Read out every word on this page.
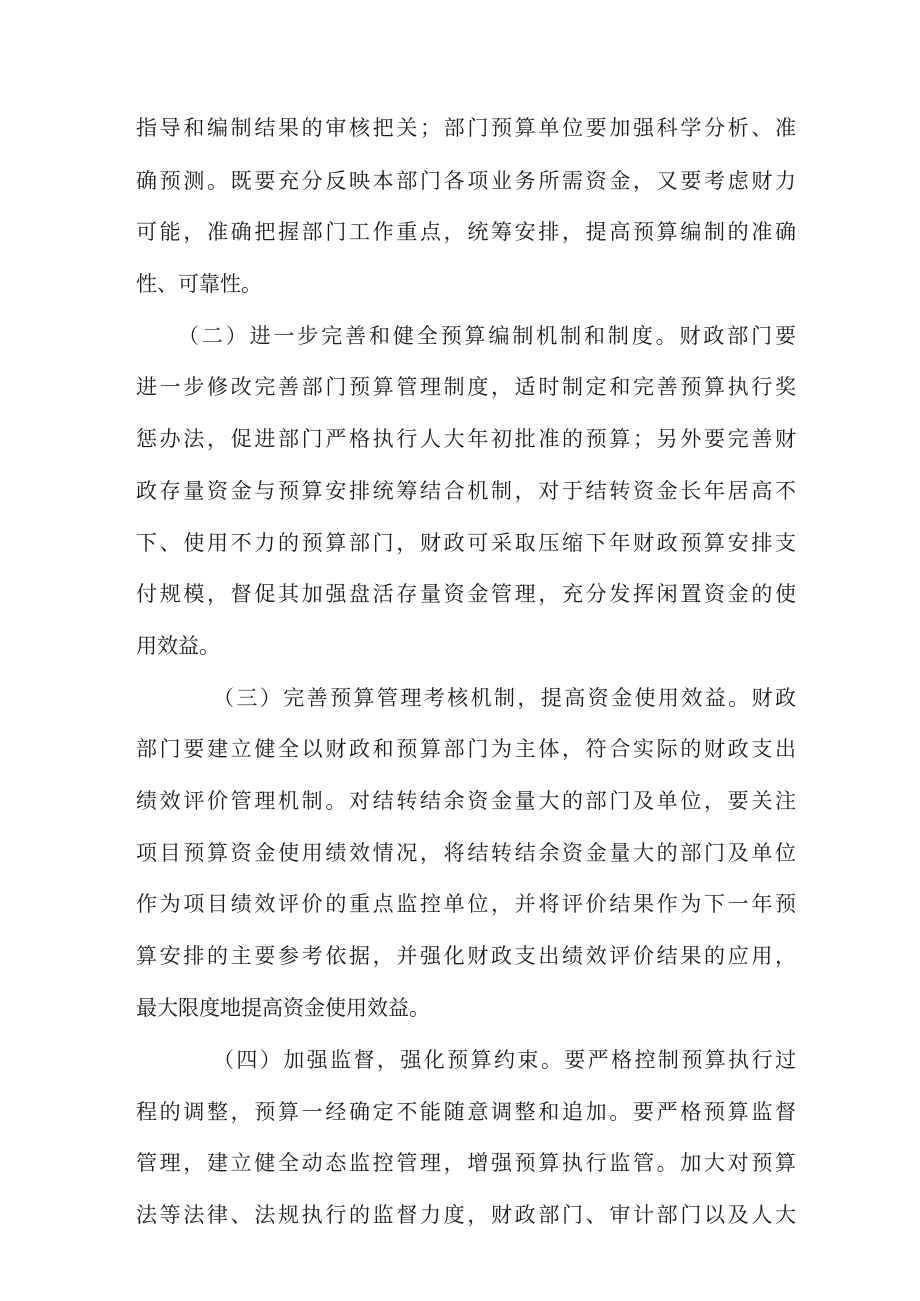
指导和编制结果的审核把关；部门预算单位要加强科学分析、准

确预测。既要充分反映本部门各项业务所需资金，又要考虑财力

可能，准确把握部门工作重点，统筹安排，提高预算编制的准确

性、可靠性。

（二）进一步完善和健全预算编制机制和制度。财政部门要

进一步修改完善部门预算管理制度，适时制定和完善预算执行奖

惩办法，促进部门严格执行人大年初批准的预算；另外要完善财

政存量资金与预算安排统筹结合机制，对于结转资金长年居高不

下、使用不力的预算部门，财政可采取压缩下年财政预算安排支

付规模，督促其加强盘活存量资金管理，充分发挥闲置资金的使

用效益。

（三）完善预算管理考核机制，提高资金使用效益。财政

部门要建立健全以财政和预算部门为主体，符合实际的财政支出

绩效评价管理机制。对结转结余资金量大的部门及单位，要关注

项目预算资金使用绩效情况，将结转结余资金量大的部门及单位

作为项目绩效评价的重点监控单位，并将评价结果作为下一年预

算安排的主要参考依据，并强化财政支出绩效评价结果的应用，

最大限度地提高资金使用效益。

（四）加强监督，强化预算约束。要严格控制预算执行过

程的调整，预算一经确定不能随意调整和追加。要严格预算监督

管理，建立健全动态监控管理，增强预算执行监管。加大对预算

法等法律、法规执行的监督力度，财政部门、审计部门以及人大
